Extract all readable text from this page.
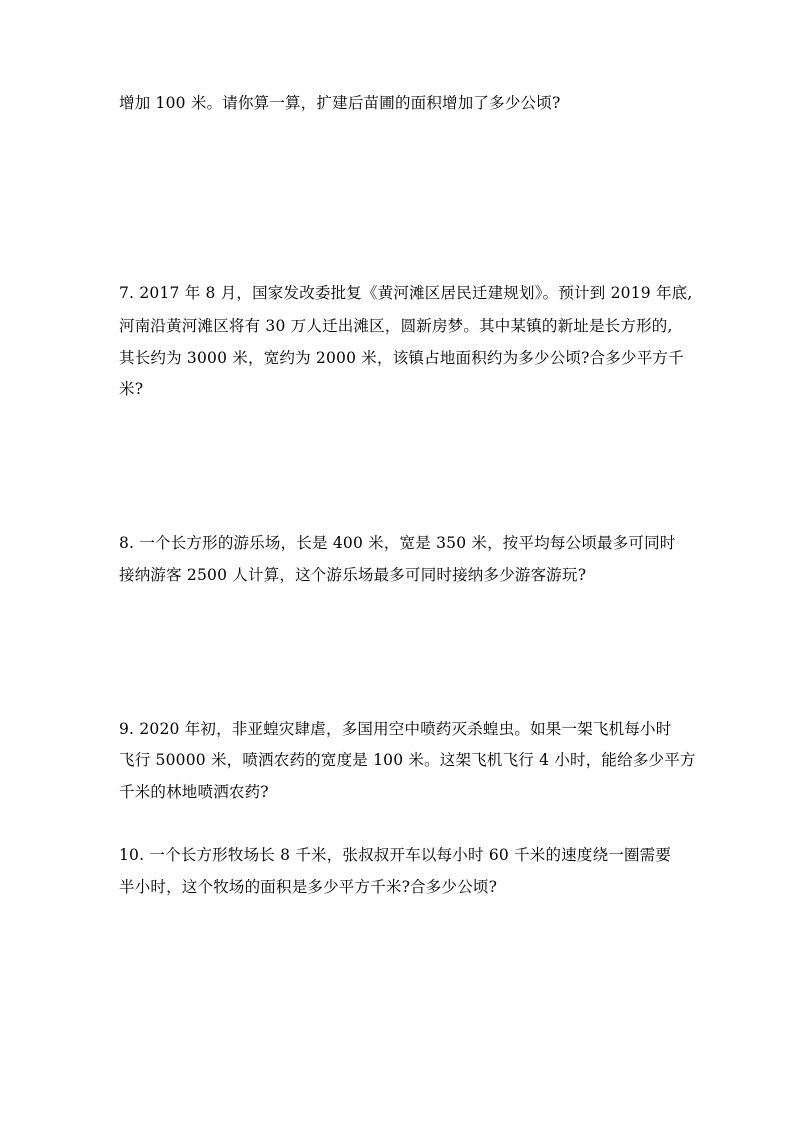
增加 100 米。请你算一算，扩建后苗圃的面积增加了多少公顷?
7. 2017 年 8 月，国家发改委批复《黄河滩区居民迁建规划》。预计到 2019 年底,
河南沿黄河滩区将有 30 万人迁出滩区，圆新房梦。其中某镇的新址是长方形的,
其长约为 3000 米，宽约为 2000 米，该镇占地面积约为多少公顷?合多少平方千
米?
8. 一个长方形的游乐场，长是 400 米，宽是 350 米，按平均每公顷最多可同时
接纳游客 2500 人计算，这个游乐场最多可同时接纳多少游客游玩?
9. 2020 年初，非亚蝗灾肆虐，多国用空中喷药灭杀蝗虫。如果一架飞机每小时
飞行 50000 米，喷洒农药的宽度是 100 米。这架飞机飞行 4 小时，能给多少平方
千米的林地喷洒农药?
10. 一个长方形牧场长 8 千米，张叔叔开车以每小时 60 千米的速度绕一圈需要
半小时，这个牧场的面积是多少平方千米?合多少公顷?
